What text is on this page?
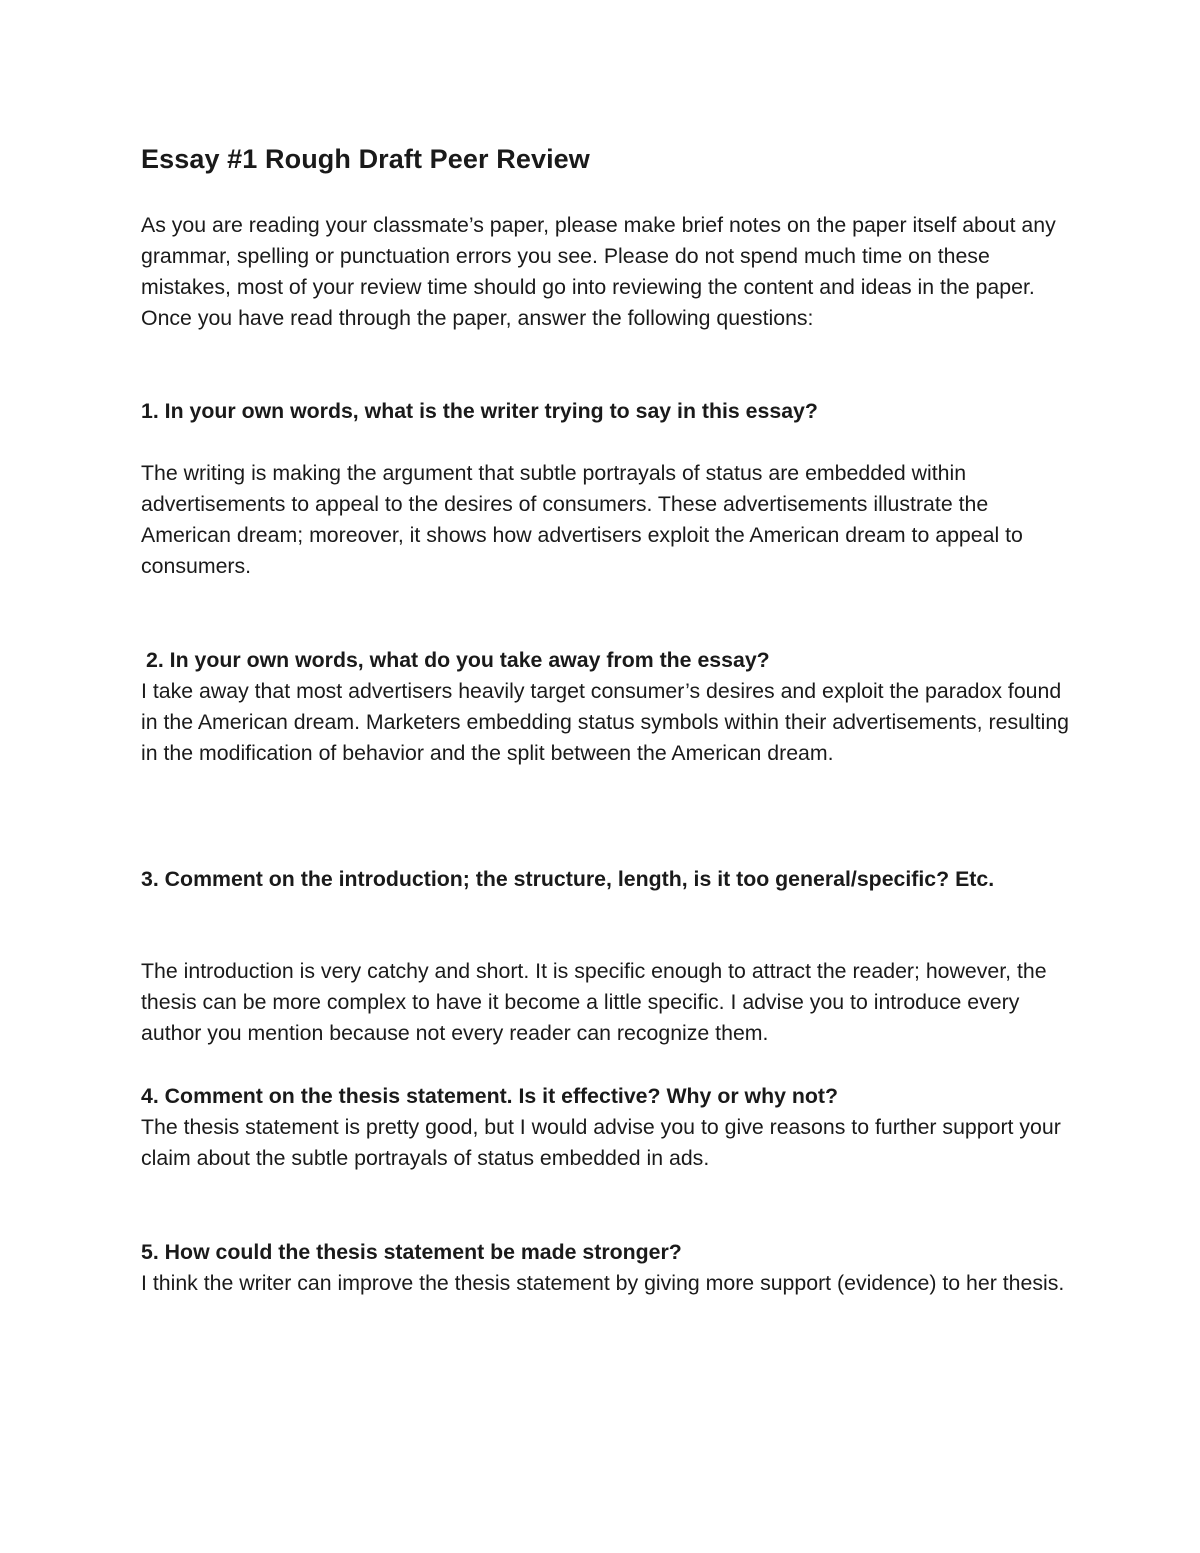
Essay #1 Rough Draft Peer Review

As you are reading your classmate’s paper, please make brief notes on the paper itself about any grammar, spelling or punctuation errors you see. Please do not spend much time on these mistakes, most of your review time should go into reviewing the content and ideas in the paper. Once you have read through the paper, answer the following questions:

1. In your own words, what is the writer trying to say in this essay?

The writing is making the argument that subtle portrayals of status are embedded within advertisements to appeal to the desires of consumers. These advertisements illustrate the American dream; moreover, it shows how advertisers exploit the American dream to appeal to consumers.

2. In your own words, what do you take away from the essay?

I take away that most advertisers heavily target consumer’s desires and exploit the paradox found in the American dream. Marketers embedding status symbols within their advertisements, resulting in the modification of behavior and the split between the American dream.

3. Comment on the introduction; the structure, length, is it too general/specific? Etc.

The introduction is very catchy and short. It is specific enough to attract the reader; however, the thesis can be more complex to have it become a little specific. I advise you to introduce every author you mention because not every reader can recognize them.

4. Comment on the thesis statement. Is it effective? Why or why not?

The thesis statement is pretty good, but I would advise you to give reasons to further support your claim about the subtle portrayals of status embedded in ads.

5. How could the thesis statement be made stronger?

I think the writer can improve the thesis statement by giving more support (evidence) to her thesis.
